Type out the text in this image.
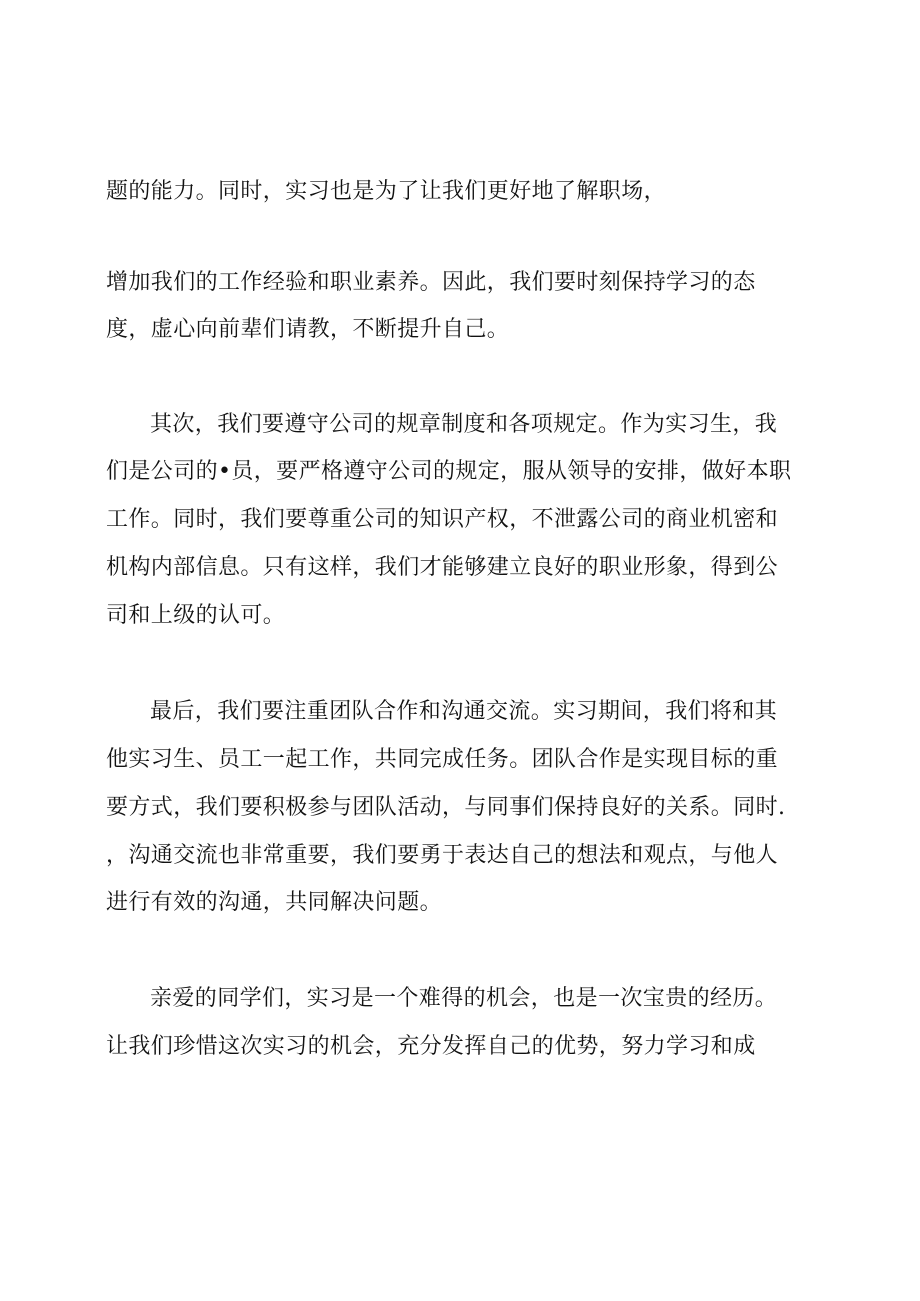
题的能力。同时，实习也是为了让我们更好地了解职场，
增加我们的工作经验和职业素养。因此，我们要时刻保持学习的态
度，虚心向前辈们请教，不断提升自己。
其次，我们要遵守公司的规章制度和各项规定。作为实习生，我
们是公司的•员，要严格遵守公司的规定，服从领导的安排，做好本职
工作。同时，我们要尊重公司的知识产权，不泄露公司的商业机密和
机构内部信息。只有这样，我们才能够建立良好的职业形象，得到公
司和上级的认可。
最后，我们要注重团队合作和沟通交流。实习期间，我们将和其
他实习生、员工一起工作，共同完成任务。团队合作是实现目标的重
要方式，我们要积极参与团队活动，与同事们保持良好的关系。同时.
，沟通交流也非常重要，我们要勇于表达自己的想法和观点，与他人
进行有效的沟通，共同解决问题。
亲爱的同学们，实习是一个难得的机会，也是一次宝贵的经历。
让我们珍惜这次实习的机会，充分发挥自己的优势，努力学习和成
